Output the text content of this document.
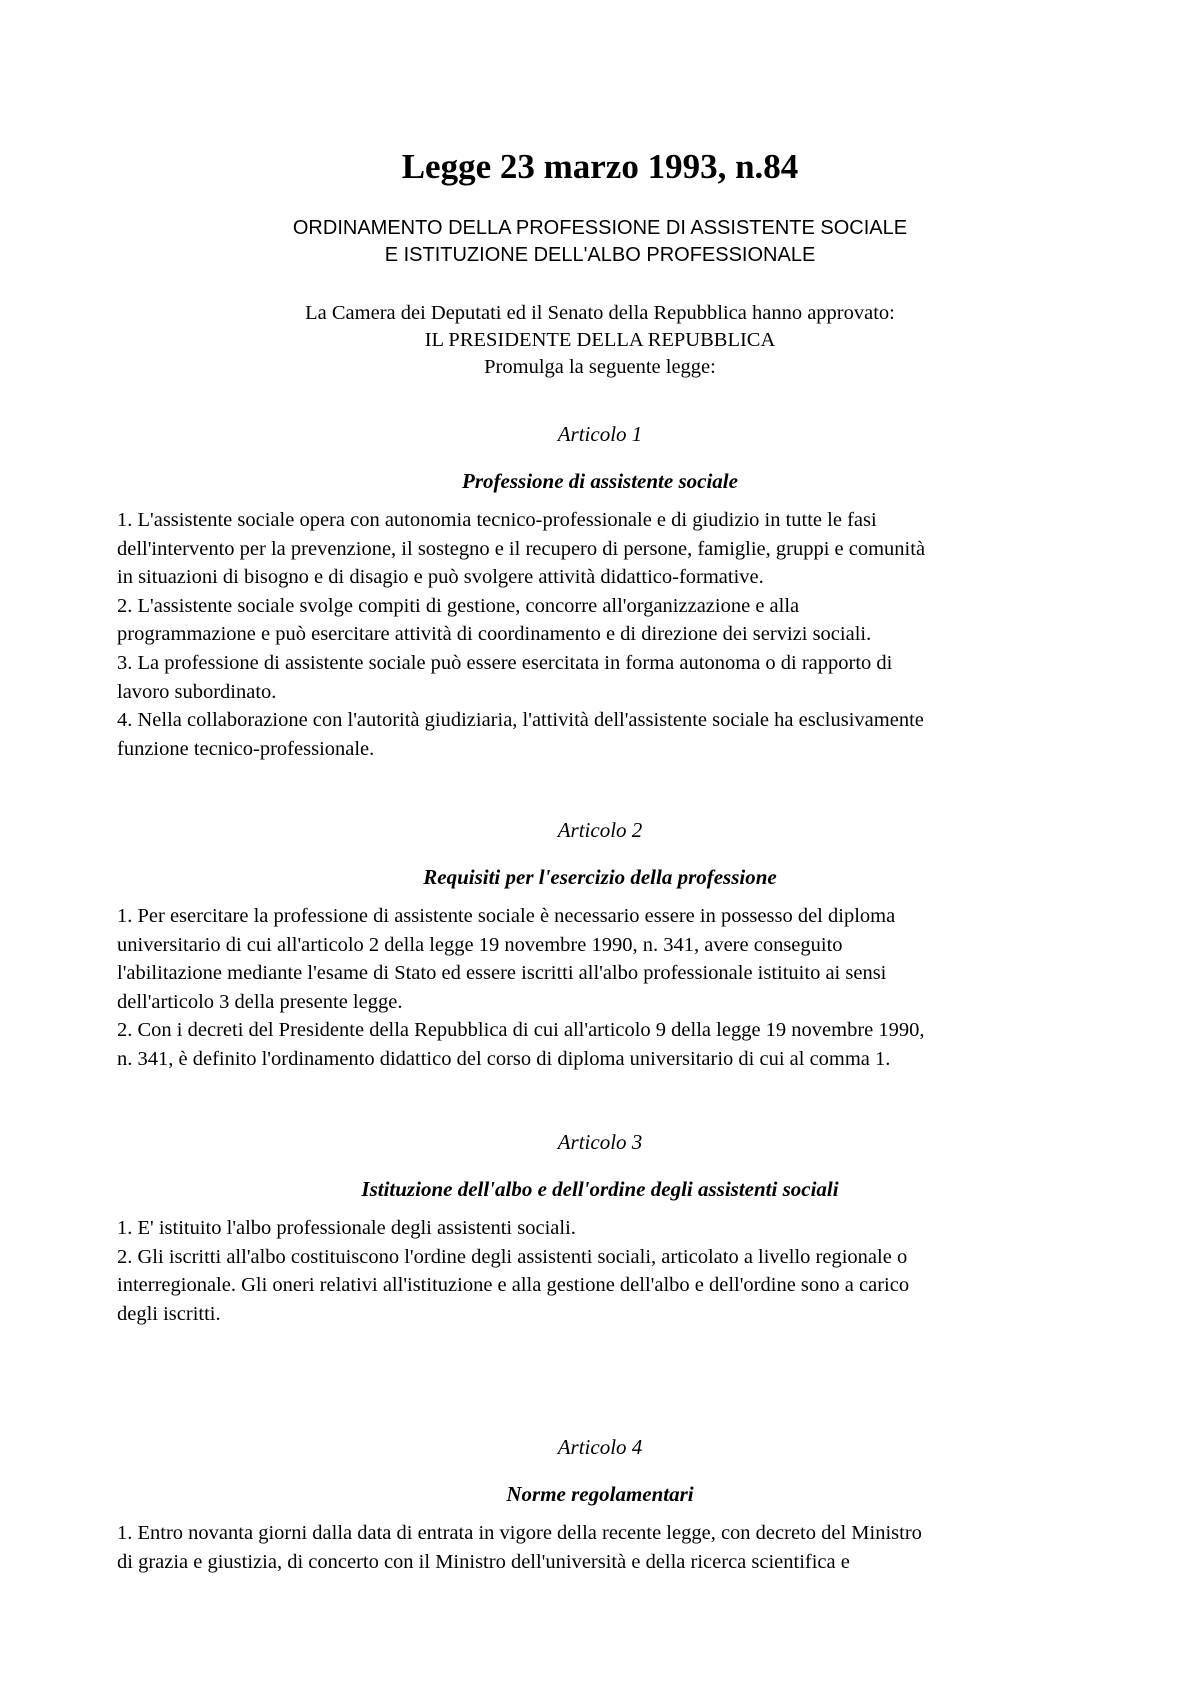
Legge 23 marzo 1993, n.84
ORDINAMENTO DELLA PROFESSIONE DI ASSISTENTE SOCIALE
E ISTITUZIONE DELL'ALBO PROFESSIONALE
La Camera dei Deputati ed il Senato della Repubblica hanno approvato:
IL PRESIDENTE DELLA REPUBBLICA
Promulga la seguente legge:
Articolo 1
Professione di assistente sociale
1. L'assistente sociale opera con autonomia tecnico-professionale e di giudizio in tutte le fasi
dell'intervento per la prevenzione, il sostegno e il recupero di persone, famiglie, gruppi e comunità
in situazioni di bisogno e di disagio e può svolgere attività didattico-formative.
2. L'assistente sociale svolge compiti di gestione, concorre all'organizzazione e alla
programmazione e può esercitare attività di coordinamento e di direzione dei servizi sociali.
3. La professione di assistente sociale può essere esercitata in forma autonoma o di rapporto di
lavoro subordinato.
4. Nella collaborazione con l'autorità giudiziaria, l'attività dell'assistente sociale ha esclusivamente
funzione tecnico-professionale.
Articolo 2
Requisiti per l'esercizio della professione
1. Per esercitare la professione di assistente sociale è necessario essere in possesso del diploma
universitario di cui all'articolo 2 della legge 19 novembre 1990, n. 341, avere conseguito
l'abilitazione mediante l'esame di Stato ed essere iscritti all'albo professionale istituito ai sensi
dell'articolo 3 della presente legge.
2. Con i decreti del Presidente della Repubblica di cui all'articolo 9 della legge 19 novembre 1990,
n. 341, è definito l'ordinamento didattico del corso di diploma universitario di cui al comma 1.
Articolo 3
Istituzione dell'albo e dell'ordine degli assistenti sociali
1. E' istituito l'albo professionale degli assistenti sociali.
2. Gli iscritti all'albo costituiscono l'ordine degli assistenti sociali, articolato a livello regionale o
interregionale. Gli oneri relativi all'istituzione e alla gestione dell'albo e dell'ordine sono a carico
degli iscritti.
Articolo 4
Norme regolamentari
1. Entro novanta giorni dalla data di entrata in vigore della recente legge, con decreto del Ministro
di grazia e giustizia, di concerto con il Ministro dell'università e della ricerca scientifica e
